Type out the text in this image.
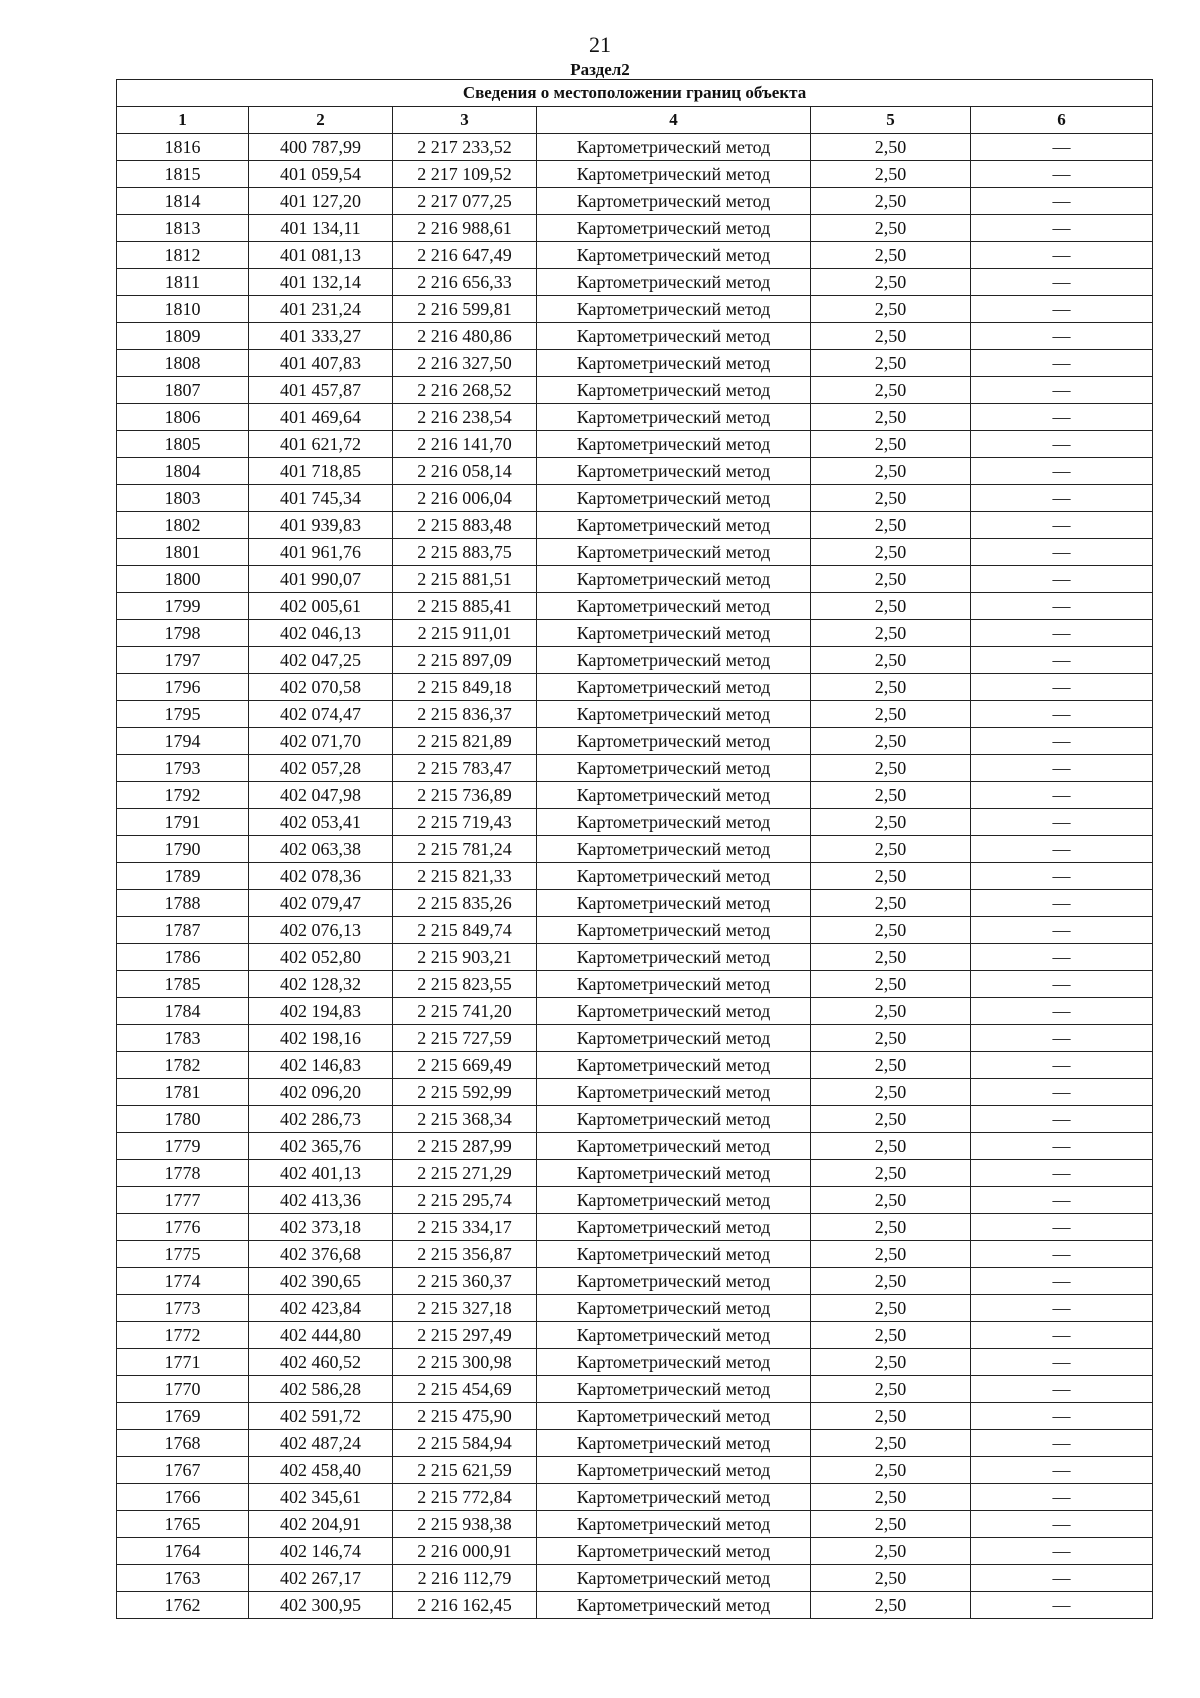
21
Раздел2
Сведения о местоположении границ объекта					
1	2	3	4	5	6
1816	400 787,99	2 217 233,52	Картометрический метод	2,50	—
1815	401 059,54	2 217 109,52	Картометрический метод	2,50	—
1814	401 127,20	2 217 077,25	Картометрический метод	2,50	—
1813	401 134,11	2 216 988,61	Картометрический метод	2,50	—
1812	401 081,13	2 216 647,49	Картометрический метод	2,50	—
1811	401 132,14	2 216 656,33	Картометрический метод	2,50	—
1810	401 231,24	2 216 599,81	Картометрический метод	2,50	—
1809	401 333,27	2 216 480,86	Картометрический метод	2,50	—
1808	401 407,83	2 216 327,50	Картометрический метод	2,50	—
1807	401 457,87	2 216 268,52	Картометрический метод	2,50	—
1806	401 469,64	2 216 238,54	Картометрический метод	2,50	—
1805	401 621,72	2 216 141,70	Картометрический метод	2,50	—
1804	401 718,85	2 216 058,14	Картометрический метод	2,50	—
1803	401 745,34	2 216 006,04	Картометрический метод	2,50	—
1802	401 939,83	2 215 883,48	Картометрический метод	2,50	—
1801	401 961,76	2 215 883,75	Картометрический метод	2,50	—
1800	401 990,07	2 215 881,51	Картометрический метод	2,50	—
1799	402 005,61	2 215 885,41	Картометрический метод	2,50	—
1798	402 046,13	2 215 911,01	Картометрический метод	2,50	—
1797	402 047,25	2 215 897,09	Картометрический метод	2,50	—
1796	402 070,58	2 215 849,18	Картометрический метод	2,50	—
1795	402 074,47	2 215 836,37	Картометрический метод	2,50	—
1794	402 071,70	2 215 821,89	Картометрический метод	2,50	—
1793	402 057,28	2 215 783,47	Картометрический метод	2,50	—
1792	402 047,98	2 215 736,89	Картометрический метод	2,50	—
1791	402 053,41	2 215 719,43	Картометрический метод	2,50	—
1790	402 063,38	2 215 781,24	Картометрический метод	2,50	—
1789	402 078,36	2 215 821,33	Картометрический метод	2,50	—
1788	402 079,47	2 215 835,26	Картометрический метод	2,50	—
1787	402 076,13	2 215 849,74	Картометрический метод	2,50	—
1786	402 052,80	2 215 903,21	Картометрический метод	2,50	—
1785	402 128,32	2 215 823,55	Картометрический метод	2,50	—
1784	402 194,83	2 215 741,20	Картометрический метод	2,50	—
1783	402 198,16	2 215 727,59	Картометрический метод	2,50	—
1782	402 146,83	2 215 669,49	Картометрический метод	2,50	—
1781	402 096,20	2 215 592,99	Картометрический метод	2,50	—
1780	402 286,73	2 215 368,34	Картометрический метод	2,50	—
1779	402 365,76	2 215 287,99	Картометрический метод	2,50	—
1778	402 401,13	2 215 271,29	Картометрический метод	2,50	—
1777	402 413,36	2 215 295,74	Картометрический метод	2,50	—
1776	402 373,18	2 215 334,17	Картометрический метод	2,50	—
1775	402 376,68	2 215 356,87	Картометрический метод	2,50	—
1774	402 390,65	2 215 360,37	Картометрический метод	2,50	—
1773	402 423,84	2 215 327,18	Картометрический метод	2,50	—
1772	402 444,80	2 215 297,49	Картометрический метод	2,50	—
1771	402 460,52	2 215 300,98	Картометрический метод	2,50	—
1770	402 586,28	2 215 454,69	Картометрический метод	2,50	—
1769	402 591,72	2 215 475,90	Картометрический метод	2,50	—
1768	402 487,24	2 215 584,94	Картометрический метод	2,50	—
1767	402 458,40	2 215 621,59	Картометрический метод	2,50	—
1766	402 345,61	2 215 772,84	Картометрический метод	2,50	—
1765	402 204,91	2 215 938,38	Картометрический метод	2,50	—
1764	402 146,74	2 216 000,91	Картометрический метод	2,50	—
1763	402 267,17	2 216 112,79	Картометрический метод	2,50	—
1762	402 300,95	2 216 162,45	Картометрический метод	2,50	—
